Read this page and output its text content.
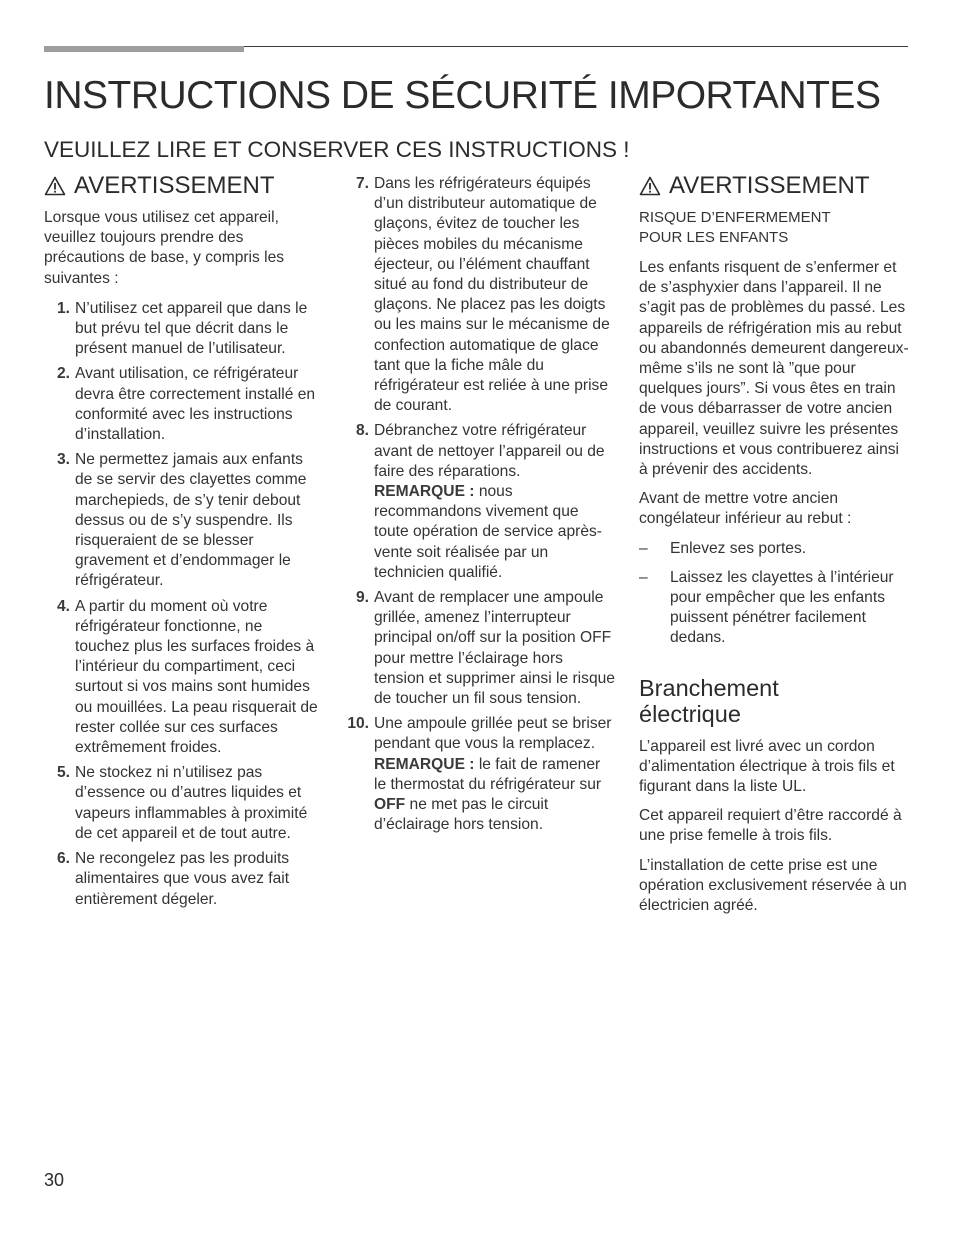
INSTRUCTIONS DE SÉCURITÉ IMPORTANTES
VEUILLEZ LIRE ET CONSERVER CES INSTRUCTIONS !
AVERTISSEMENT

Lorsque vous utilisez cet appareil, veuillez toujours prendre des précautions de base, y compris les suivantes :

1. N’utilisez cet appareil que dans le but prévu tel que décrit dans le présent manuel de l’utilisateur.
2. Avant utilisation, ce réfrigérateur devra être correctement installé en conformité avec les instructions d’installation.
3. Ne permettez jamais aux enfants de se servir des clayettes comme marchepieds, de s’y tenir debout dessus ou de s’y suspendre. Ils risqueraient de se blesser gravement et d’endommager le réfrigérateur.
4. A partir du moment où votre réfrigérateur fonctionne, ne touchez plus les surfaces froides à l’intérieur du compartiment, ceci surtout si vos mains sont humides ou mouillées. La peau risquerait de rester collée sur ces surfaces extrêmement froides.
5. Ne stockez ni n’utilisez pas d’essence ou d’autres liquides et vapeurs inflammables à proximité de cet appareil et de tout autre.
6. Ne recongelez pas les produits alimentaires que vous avez fait entièrement dégeler.
7. Dans les réfrigérateurs équipés d’un distributeur automatique de glaçons, évitez de toucher les pièces mobiles du mécanisme éjecteur, ou l’élément chauffant situé au fond du distributeur de glaçons. Ne placez pas les doigts ou les mains sur le mécanisme de confection automatique de glace tant que la fiche mâle du réfrigérateur est reliée à une prise de courant.
8. Débranchez votre réfrigérateur avant de nettoyer l’appareil ou de faire des réparations.
REMARQUE : nous recommandons vivement que toute opération de service après-vente soit réalisée par un technicien qualifié.
9. Avant de remplacer une ampoule grillée, amenez l’interrupteur principal on/off sur la position OFF pour mettre l’éclairage hors tension et supprimer ainsi le risque de toucher un fil sous tension.
10. Une ampoule grillée peut se briser pendant que vous la remplacez. REMARQUE : le fait de ramener le thermostat du réfrigérateur sur OFF ne met pas le circuit d’éclairage hors tension.
AVERTISSEMENT
RISQUE D’ENFERMEMENT
POUR LES ENFANTS

Les enfants risquent de s’enfermer et de s’asphyxier dans l’appareil. Il ne s’agit pas de problèmes du passé. Les appareils de réfrigération mis au rebut ou abandonnés demeurent dangereux-même s’ils ne sont là ”que pour quelques jours”. Si vous êtes en train de vous débarrasser de votre ancien appareil, veuillez suivre les présentes instructions et vous contribuerez ainsi à prévenir des accidents.

Avant de mettre votre ancien congélateur inférieur au rebut :

– Enlevez ses portes.
– Laissez les clayettes à l’intérieur pour empêcher que les enfants puissent pénétrer facilement dedans.
Branchement
électrique

L’appareil est livré avec un cordon d’alimentation électrique à trois fils et figurant dans la liste UL.

Cet appareil requiert d’être raccordé à une prise femelle à trois fils.

L’installation de cette prise est une opération exclusivement réservée à un électricien agréé.

30
